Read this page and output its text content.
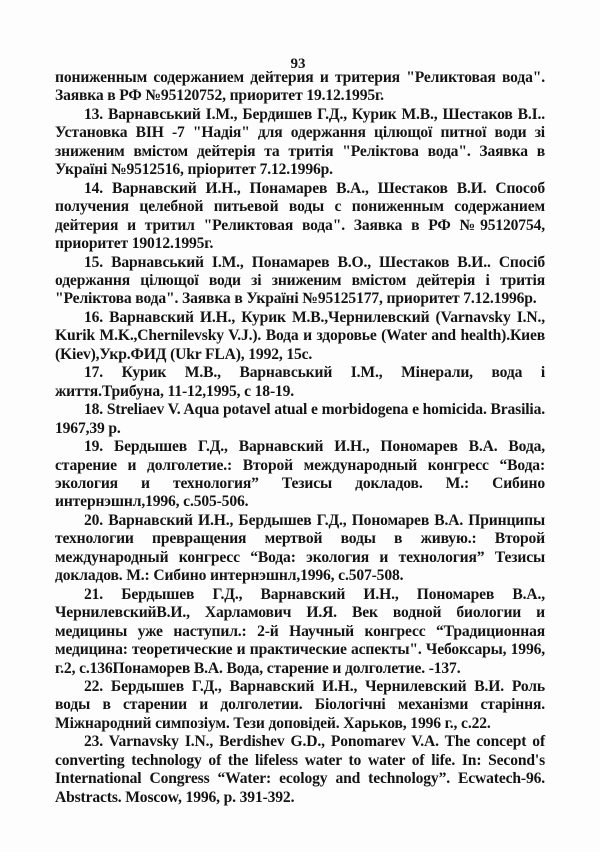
93

пониженным содержанием дейтерия и тритерия "Реликтовая вода". Заявка в РФ №95120752, приоритет 19.12.1995г.

13. Варнавський І.М., Бердишев Г.Д., Курик М.В., Шестаков В.І.. Установка ВІН -7 "Надія" для одержання цілющої питної води зі зниженим вмістом дейтерія та тритія "Реліктова вода". Заявка в Україні №9512516, пріоритет 7.12.1996р.

14. Варнавский И.Н., Понамарев В.А., Шестаков В.И. Способ получения целебной питьевой воды с пониженным содержанием дейтерия и тритил "Реликтовая вода". Заявка в РФ №95120754, приоритет 19012.1995г.

15. Варнавський І.М., Понамарев В.О., Шестаков В.И.. Спосіб одержання цілющої води зі зниженим вмістом дейтерія і тритія "Реліктова вода". Заявка в Україні №95125177, приоритет 7.12.1996р.

16. Варнавский И.Н., Курик М.В.,Чернилевский (Varnavsky I.N., Kurik M.K.,Chernilevsky V.J.). Вода и здоровье (Water and health).Киев (Kiev),Укр.ФИД (Ukr FLA), 1992, 15с.

17. Курик М.В., Варнавський І.М., Мінерали, вода і життя.Трибуна, 11-12,1995, с 18-19.

18. Streliaev V. Aqua potavel atual e morbidogena e homicida. Brasilia. 1967,39 p.

19. Бердышев Г.Д., Варнавский И.Н., Пономарев В.А. Вода, старение и долголетие.: Второй международный конгресс “Вода: экология и технология” Тезисы докладов. М.: Сибино интернэшнл,1996, с.505-506.

20. Варнавский И.Н., Бердышев Г.Д., Пономарев В.А. Принципы технологии превращения мертвой воды в живую.: Второй международный конгресс “Вода: экология и технология” Тезисы докладов. М.: Сибино интернэшнл,1996, с.507-508.

21. Бердышев Г.Д., Варнавский И.Н., Пономарев В.А., ЧернилевскийВ.И., Харламович И.Я. Век водной биологии и медицины уже наступил.: 2-й Научный конгресс “Традиционная медицина: теоретические и практические аспекты". Чебоксары, 1996, г.2, с.136Понаморев В.А. Вода, старение и долголетие. -137.

22. Бердышев Г.Д., Варнавский И.Н., Чернилевский В.И. Роль воды в старении и долголетии. Біологічні механізми старіння. Міжнародний симпозіум. Тези доповідей. Харьков, 1996 г., с.22.

23. Varnavsky I.N., Berdishev G.D., Ponomarev V.A. The concept of converting technology of the lifeless water to water of life. In: Second's International Congress “Water: ecology and technology”. Ecwatech-96. Abstracts. Moscow, 1996, p. 391-392.
